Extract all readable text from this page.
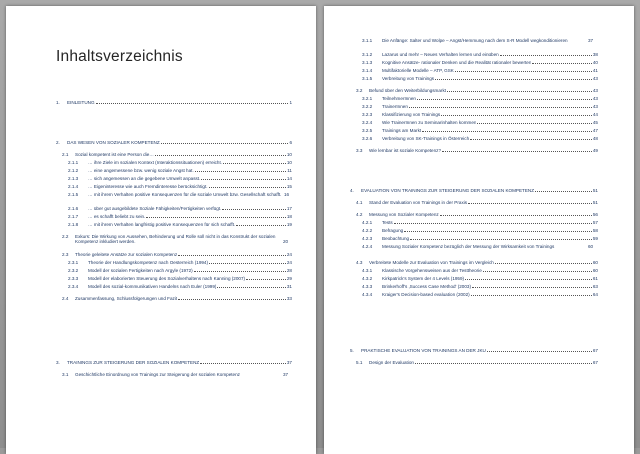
Inhaltsverzeichnis
1.	EINLEITUNG	1
2.	DAS WESEN VON SOZIALER KOMPETENZ	6
2.1	Sozial kompetent ist eine Person die…	10
2.1.1	… ihre Ziele im sozialen Kontext (Interaktionssituationen) erreicht.	10
2.1.2	… eine angemessene bzw. wenig soziale Angst hat.	11
2.1.3	… sich angemessen an die gegebene Umwelt anpasst.	14
2.1.4	… Eigeninteresse wie auch Fremdinteresse berücksichtigt.	15
2.1.5	… mit ihrem Verhalten positive Konsequenzen für die soziale Umwelt bzw. Gesellschaft schafft. 16
2.1.6	… über gut ausgebildete Soziale Fähigkeiten/Fertigkeiten verfügt.	17
2.1.7	… es schafft beliebt zu sein.	18
2.1.8	… mit ihrem Verhalten langfristig positive Konsequenzen für sich schafft.	19
2.2	Exkurs: Die Wirkung von Aussehen, Behinderung und Rolle soll nicht in das Konstrukt der sozialen Kompetenz inkludiert werden.	20
2.3	Theorie geleitete Ansätze zur sozialen Kompetenz	24
2.3.1	Theorie der Handlungskompetenz nach Oesterreich (1994)	24
2.3.2	Modell der sozialen Fertigkeiten nach Argyle (1972)	28
2.3.3	Modell der elaborierten Steuerung des Sozialverhaltens nach Kanning (2007)	29
2.3.4	Modell des sozial-kommunikativen Handelns nach Euler (1999)	31
2.4	Zusammenfassung, Schlussfolgerungen und Fazit	33
3.	TRAININGS ZUR STEIGERUNG DER SOZIALEN KOMPETENZ	37
3.1	Geschichtliche Einordnung von Trainings zur Steigerung der sozialen Kompetenz	37
3.1.1	Die Anfänge: Salter und Wolpe – Angst/Hemmung nach dem S-R Modell wegkonditionieren	37
3.1.2	Lazarus und mehr – Neues Verhalten lernen und einüben	38
3.1.3	Kognitive Ansätze- rationaler Denken und die Realität rationaler bewerten	40
3.1.4	Multifaktorielle Modelle – ATP, GSK	41
3.1.5	Verbreitung von Trainings	43
3.2	Befund über den Weiterbildungsmarkt	43
3.2.1	TeilnehmerInnen	43
3.2.2	TrainerInnen	43
3.2.3	Klassifizierung von Trainings	44
3.2.4	Wie TrainerInnen zu Seminarinhalten kommen	45
3.2.5	Trainings am Markt	47
3.2.6	Verbreitung von SK-Trainings in Österreich	48
3.3	Wie lernbar ist soziale Kompetenz?	49
4.	EVALUATION VON TRAININGS ZUR STEIGERUNG DER SOZIALEN KOMPETENZ	51
4.1	Stand der Evaluation von Trainings in der Praxis	51
4.2	Messung von Sozialer Kompetenz	56
4.2.1	Tests	57
4.2.2	Befragung	58
4.2.3	Beobachtung	59
4.2.4	Messung Sozialer Kompetenz bezüglich der Messung der Wirksamkeit von Trainings	60
4.3	Verbreitete Modelle zur Evaluation von Trainings im Vergleich	60
4.3.1	Klassische Vorgehensweisen aus der Testtheorie	60
4.3.2	Kirkpatrick's System der 4 Levels (1959)	61
4.3.3	Brinkerhoff's ‚Success Case Method' (2003)	63
4.3.4	Kraiger's Decision-based evaluation (2002)	64
5.	PRAKTISCHE EVALUATION VON TRAININGS AN DER JKU	67
5.1	Design der Evaluation	67
